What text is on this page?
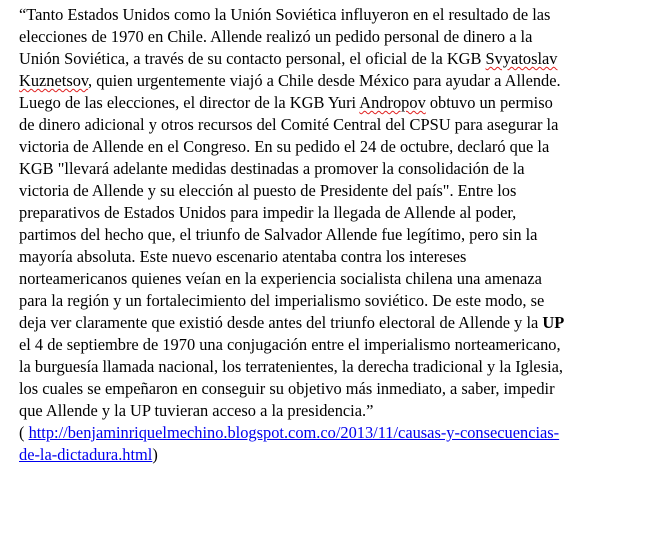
“Tanto Estados Unidos como la Unión Soviética influyeron en el resultado de las
elecciones de 1970 en Chile. Allende realizó un pedido personal de dinero a la
Unión Soviética, a través de su contacto personal, el oficial de la KGB Svyatoslav
Kuznetsov, quien urgentemente viajó a Chile desde México para ayudar a Allende.
Luego de las elecciones, el director de la KGB Yuri Andropov obtuvo un permiso
de dinero adicional y otros recursos del Comité Central del CPSU para asegurar la
victoria de Allende en el Congreso. En su pedido el 24 de octubre, declaró que la
KGB "llevará adelante medidas destinadas a promover la consolidación de la
victoria de Allende y su elección al puesto de Presidente del país". Entre los
preparativos de Estados Unidos para impedir la llegada de Allende al poder,
partimos del hecho que, el triunfo de Salvador Allende fue legítimo, pero sin la
mayoría absoluta. Este nuevo escenario atentaba contra los intereses
norteamericanos quienes veían en la experiencia socialista chilena una amenaza
para la región y un fortalecimiento del imperialismo soviético. De este modo, se
deja ver claramente que existió desde antes del triunfo electoral de Allende y la UP
el 4 de septiembre de 1970 una conjugación entre el imperialismo norteamericano,
la burguesía llamada nacional, los terratenientes, la derecha tradicional y la Iglesia,
los cuales se empeñaron en conseguir su objetivo más inmediato, a saber, impedir
que Allende y la UP tuvieran acceso a la presidencia.”
( http://benjaminriquelmechino.blogspot.com.co/2013/11/causas-y-consecuencias-
de-la-dictadura.html)
